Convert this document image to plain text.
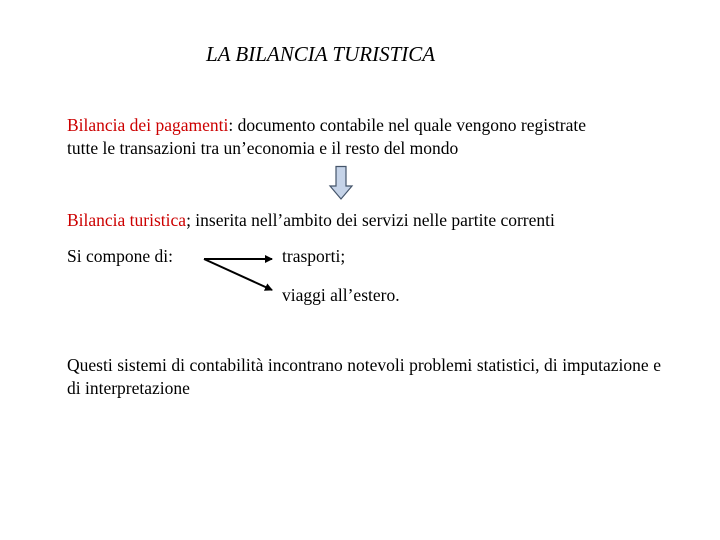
LA BILANCIA TURISTICA
Bilancia dei pagamenti: documento contabile nel quale vengono registrate
tutte le transazioni tra un’economia e il resto del mondo
Bilancia turistica; inserita nell’ambito dei servizi nelle partite correnti
Si compone di:	trasporti;
viaggi all’estero.
Questi sistemi di contabilità incontrano notevoli problemi statistici, di imputazione e di interpretazione
